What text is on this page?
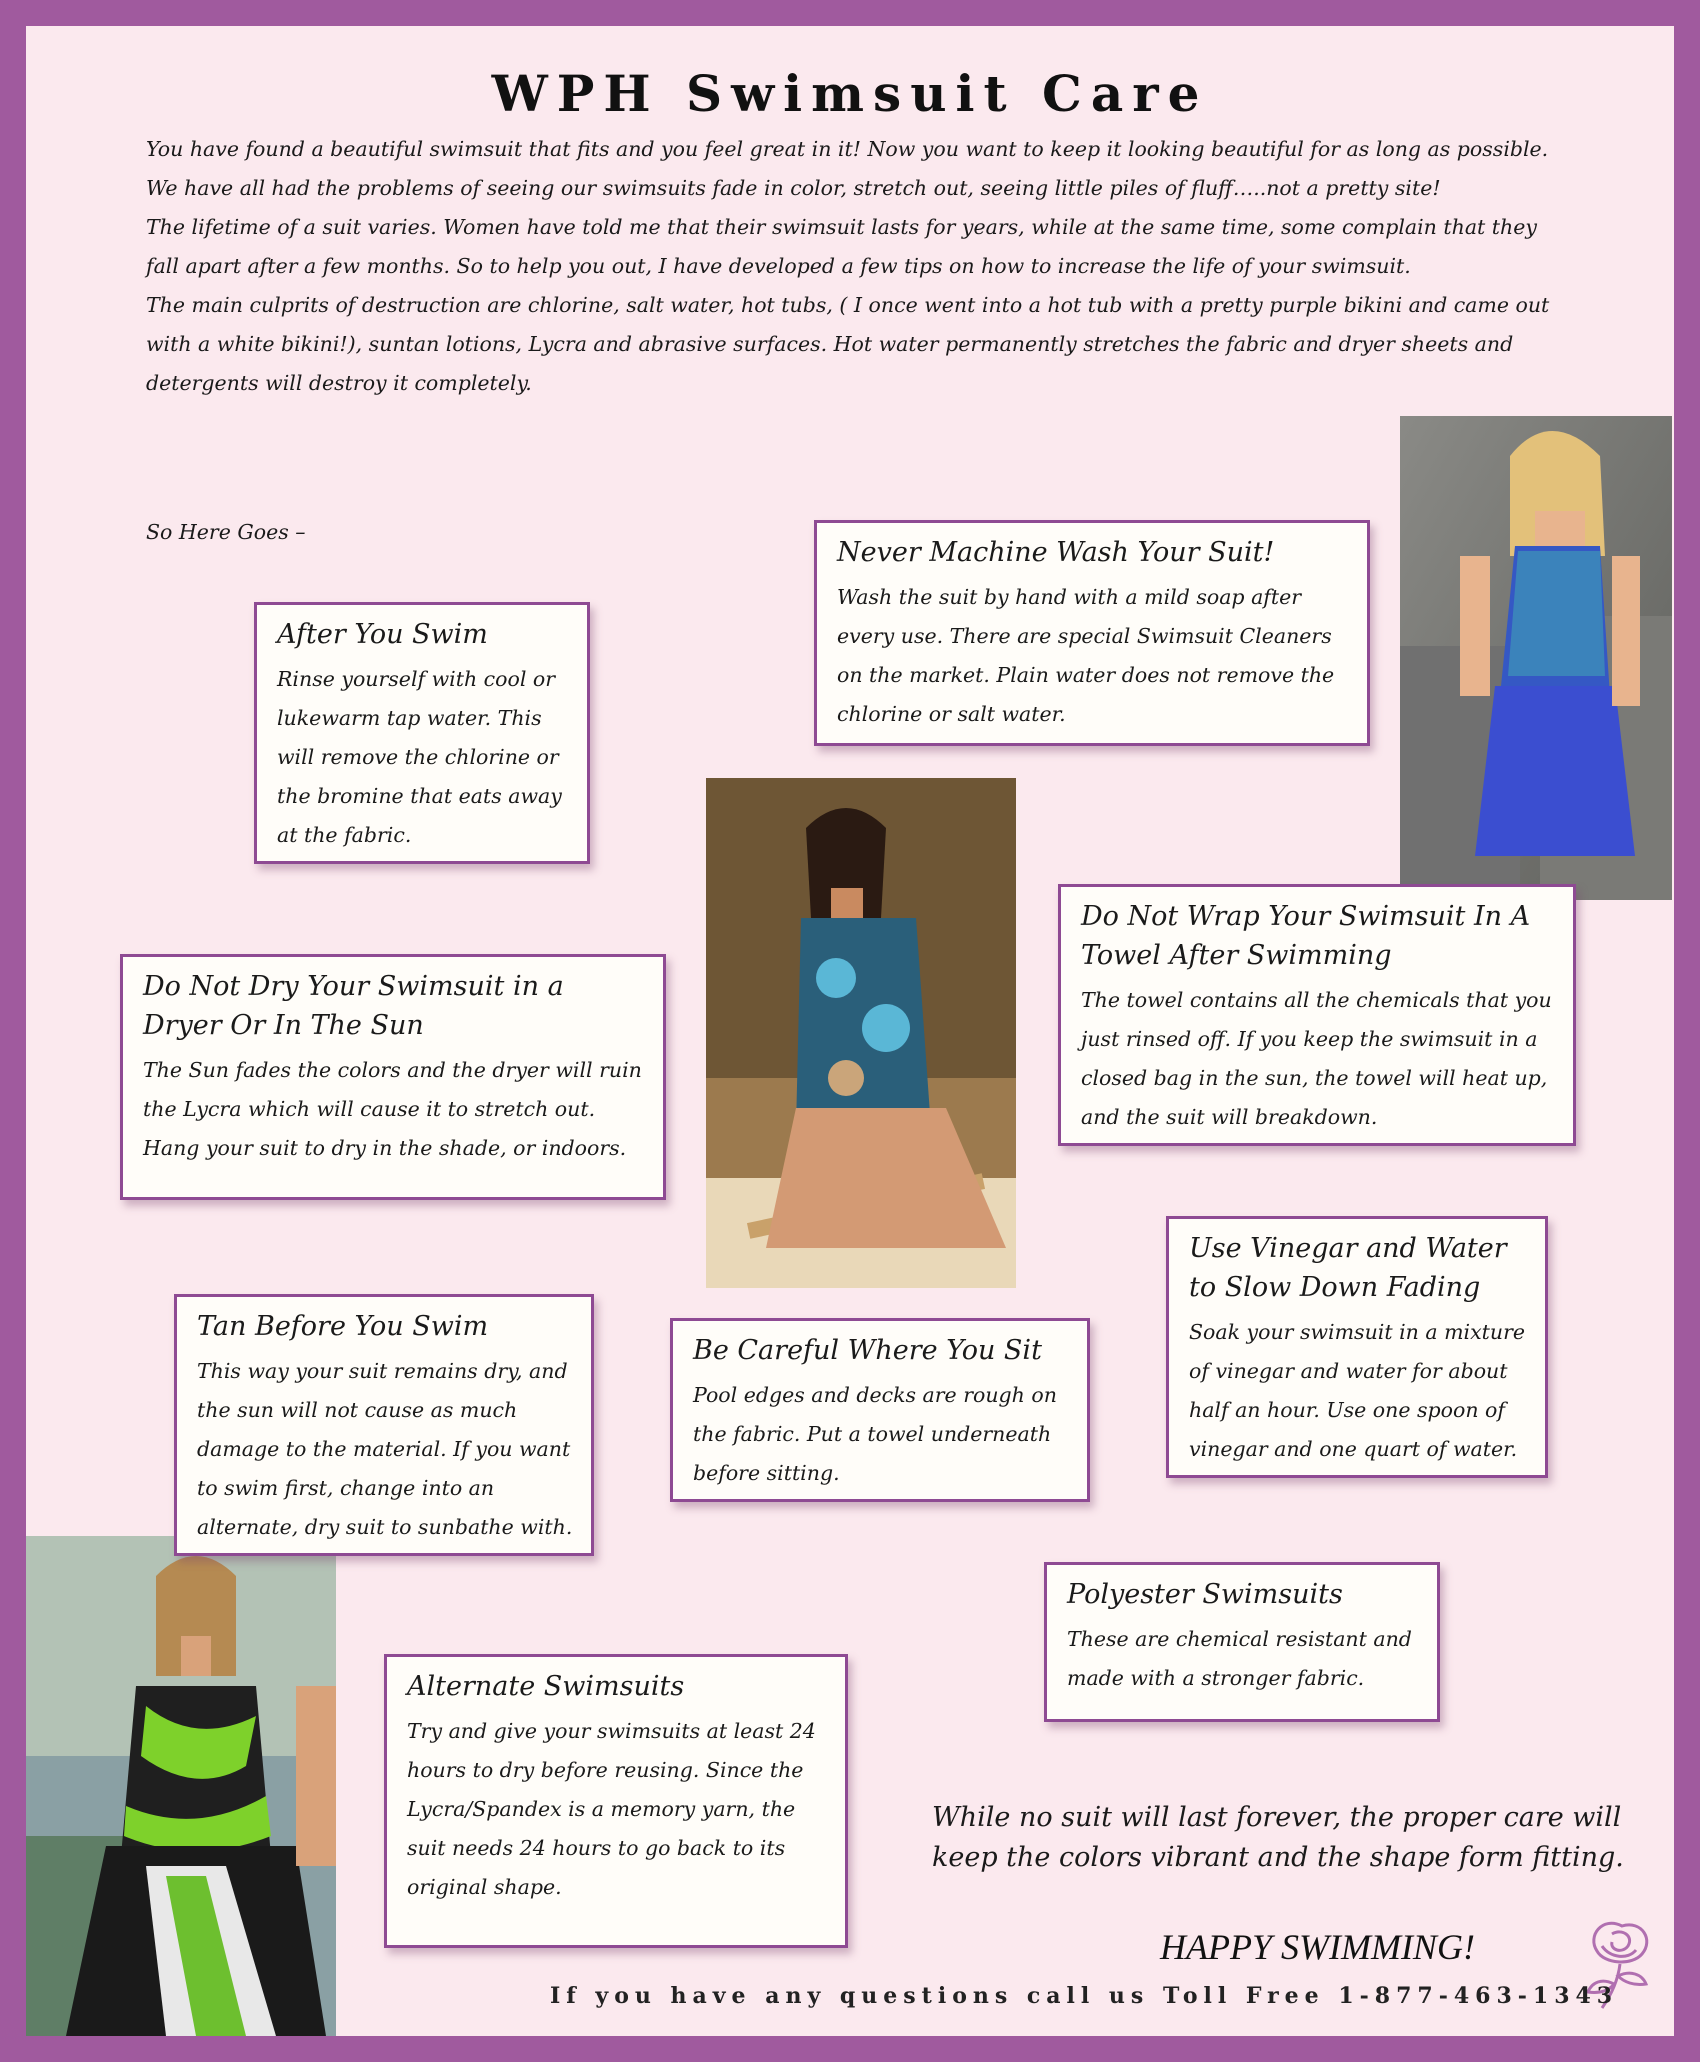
WPH Swimsuit Care

You have found a beautiful swimsuit that fits and you feel great in it! Now you want to keep it looking beautiful for as long as possible.

We have all had the problems of seeing our swimsuits fade in color, stretch out, seeing little piles of fluff…..not a pretty site!

The lifetime of a suit varies. Women have told me that their swimsuit lasts for years, while at the same time, some complain that they fall apart after a few months. So to help you out, I have developed a few tips on how to increase the life of your swimsuit.

The main culprits of destruction are chlorine, salt water, hot tubs, ( I once went into a hot tub with a pretty purple bikini and came out with a white bikini!), suntan lotions, Lycra and abrasive surfaces. Hot water permanently stretches the fabric and dryer sheets and detergents will destroy it completely.

So Here Goes –
Never Machine Wash Your Suit!

Wash the suit by hand with a mild soap after every use. There are special Swimsuit Cleaners on the market. Plain water does not remove the chlorine or salt water.

After You Swim

Rinse yourself with cool or lukewarm tap water. This will remove the chlorine or the bromine that eats away at the fabric.

Do Not Wrap Your Swimsuit In A Towel After Swimming

The towel contains all the chemicals that you just rinsed off. If you keep the swimsuit in a closed bag in the sun, the towel will heat up, and the suit will breakdown.

Do Not Dry Your Swimsuit in a Dryer Or In The Sun

The Sun fades the colors and the dryer will ruin the Lycra which will cause it to stretch out. Hang your suit to dry in the shade, or indoors.

Use Vinegar and Water to Slow Down Fading

Soak your swimsuit in a mixture of vinegar and water for about half an hour. Use one spoon of vinegar and one quart of water.

Tan Before You Swim

This way your suit remains dry, and the sun will not cause as much damage to the material. If you want to swim first, change into an alternate, dry suit to sunbathe with.

Be Careful Where You Sit

Pool edges and decks are rough on the fabric. Put a towel underneath before sitting.

Polyester Swimsuits

These are chemical resistant and made with a stronger fabric.

Alternate Swimsuits

Try and give your swimsuits at least 24 hours to dry before reusing. Since the Lycra/Spandex is a memory yarn, the suit needs 24 hours to go back to its original shape.

While no suit will last forever, the proper care will keep the colors vibrant and the shape form fitting.
HAPPY SWIMMING!
If you have any questions call us Toll Free 1-877-463-1343
